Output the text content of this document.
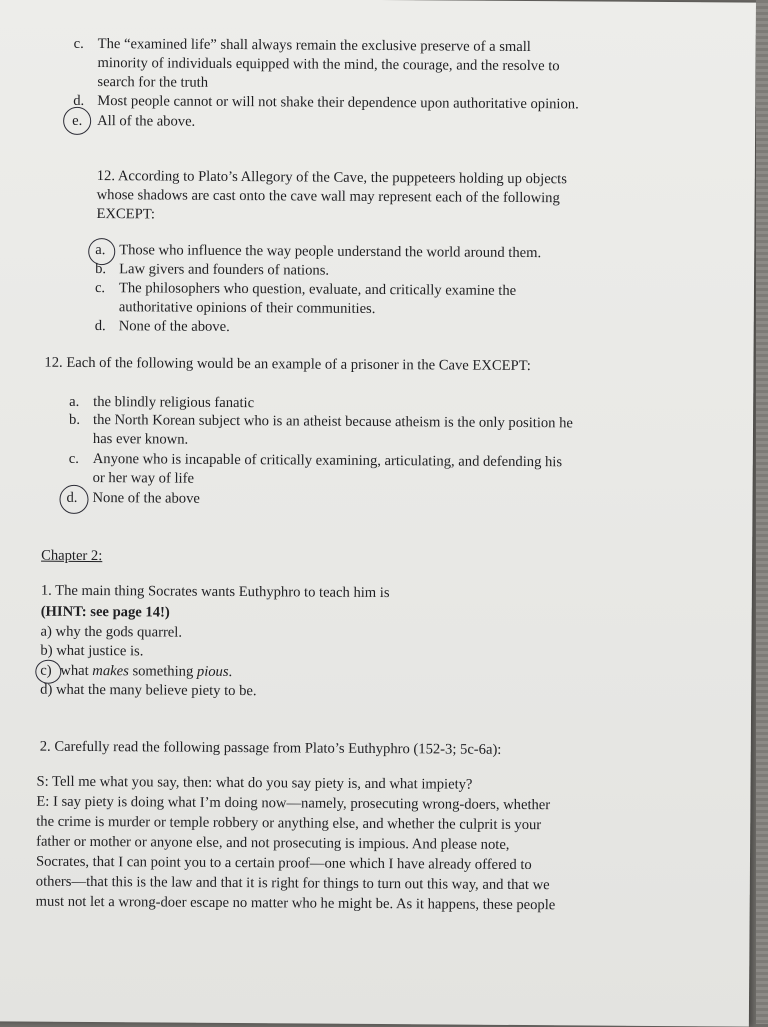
c. The “examined life” shall always remain the exclusive preserve of a small
minority of individuals equipped with the mind, the courage, and the resolve to
search for the truth
d. Most people cannot or will not shake their dependence upon authoritative opinion.
e. All of the above.
12. According to Plato’s Allegory of the Cave, the puppeteers holding up objects
whose shadows are cast onto the cave wall may represent each of the following
EXCEPT:
a. Those who influence the way people understand the world around them.
b. Law givers and founders of nations.
c. The philosophers who question, evaluate, and critically examine the
authoritative opinions of their communities.
d. None of the above.
12. Each of the following would be an example of a prisoner in the Cave EXCEPT:
a. the blindly religious fanatic
b. the North Korean subject who is an atheist because atheism is the only position he
has ever known.
c. Anyone who is incapable of critically examining, articulating, and defending his
or her way of life
d. None of the above
Chapter 2:
1. The main thing Socrates wants Euthyphro to teach him is
(HINT: see page 14!)
a) why the gods quarrel.
b) what justice is.
c) what makes something pious.
d) what the many believe piety to be.
2. Carefully read the following passage from Plato’s Euthyphro (152-3; 5c-6a):
S: Tell me what you say, then: what do you say piety is, and what impiety?
E: I say piety is doing what I’m doing now—namely, prosecuting wrong-doers, whether
the crime is murder or temple robbery or anything else, and whether the culprit is your
father or mother or anyone else, and not prosecuting is impious. And please note,
Socrates, that I can point you to a certain proof—one which I have already offered to
others—that this is the law and that it is right for things to turn out this way, and that we
must not let a wrong-doer escape no matter who he might be. As it happens, these people
